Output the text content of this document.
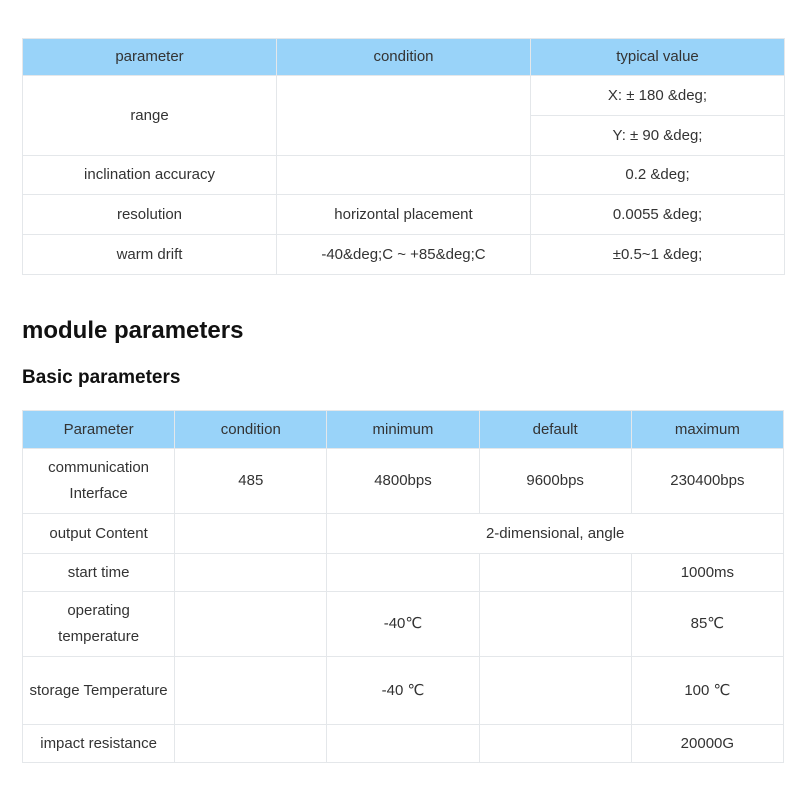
parameter	condition	typical value
range		X: ± 180 &deg;
		Y: ± 90 &deg;
inclination accuracy		0.2 &deg;
resolution	horizontal placement	0.0055 &deg;
warm drift	-40&deg;C ~ +85&deg;C	±0.5~1 &deg;
module parameters
Basic parameters
Parameter	condition	minimum	default	maximum
communication Interface	485	4800bps	9600bps	230400bps
output Content		2-dimensional, angle		
start time				1000ms
operating temperature		-40℃		85℃
storage Temperature		-40 ℃		100 ℃
impact resistance				20000G
